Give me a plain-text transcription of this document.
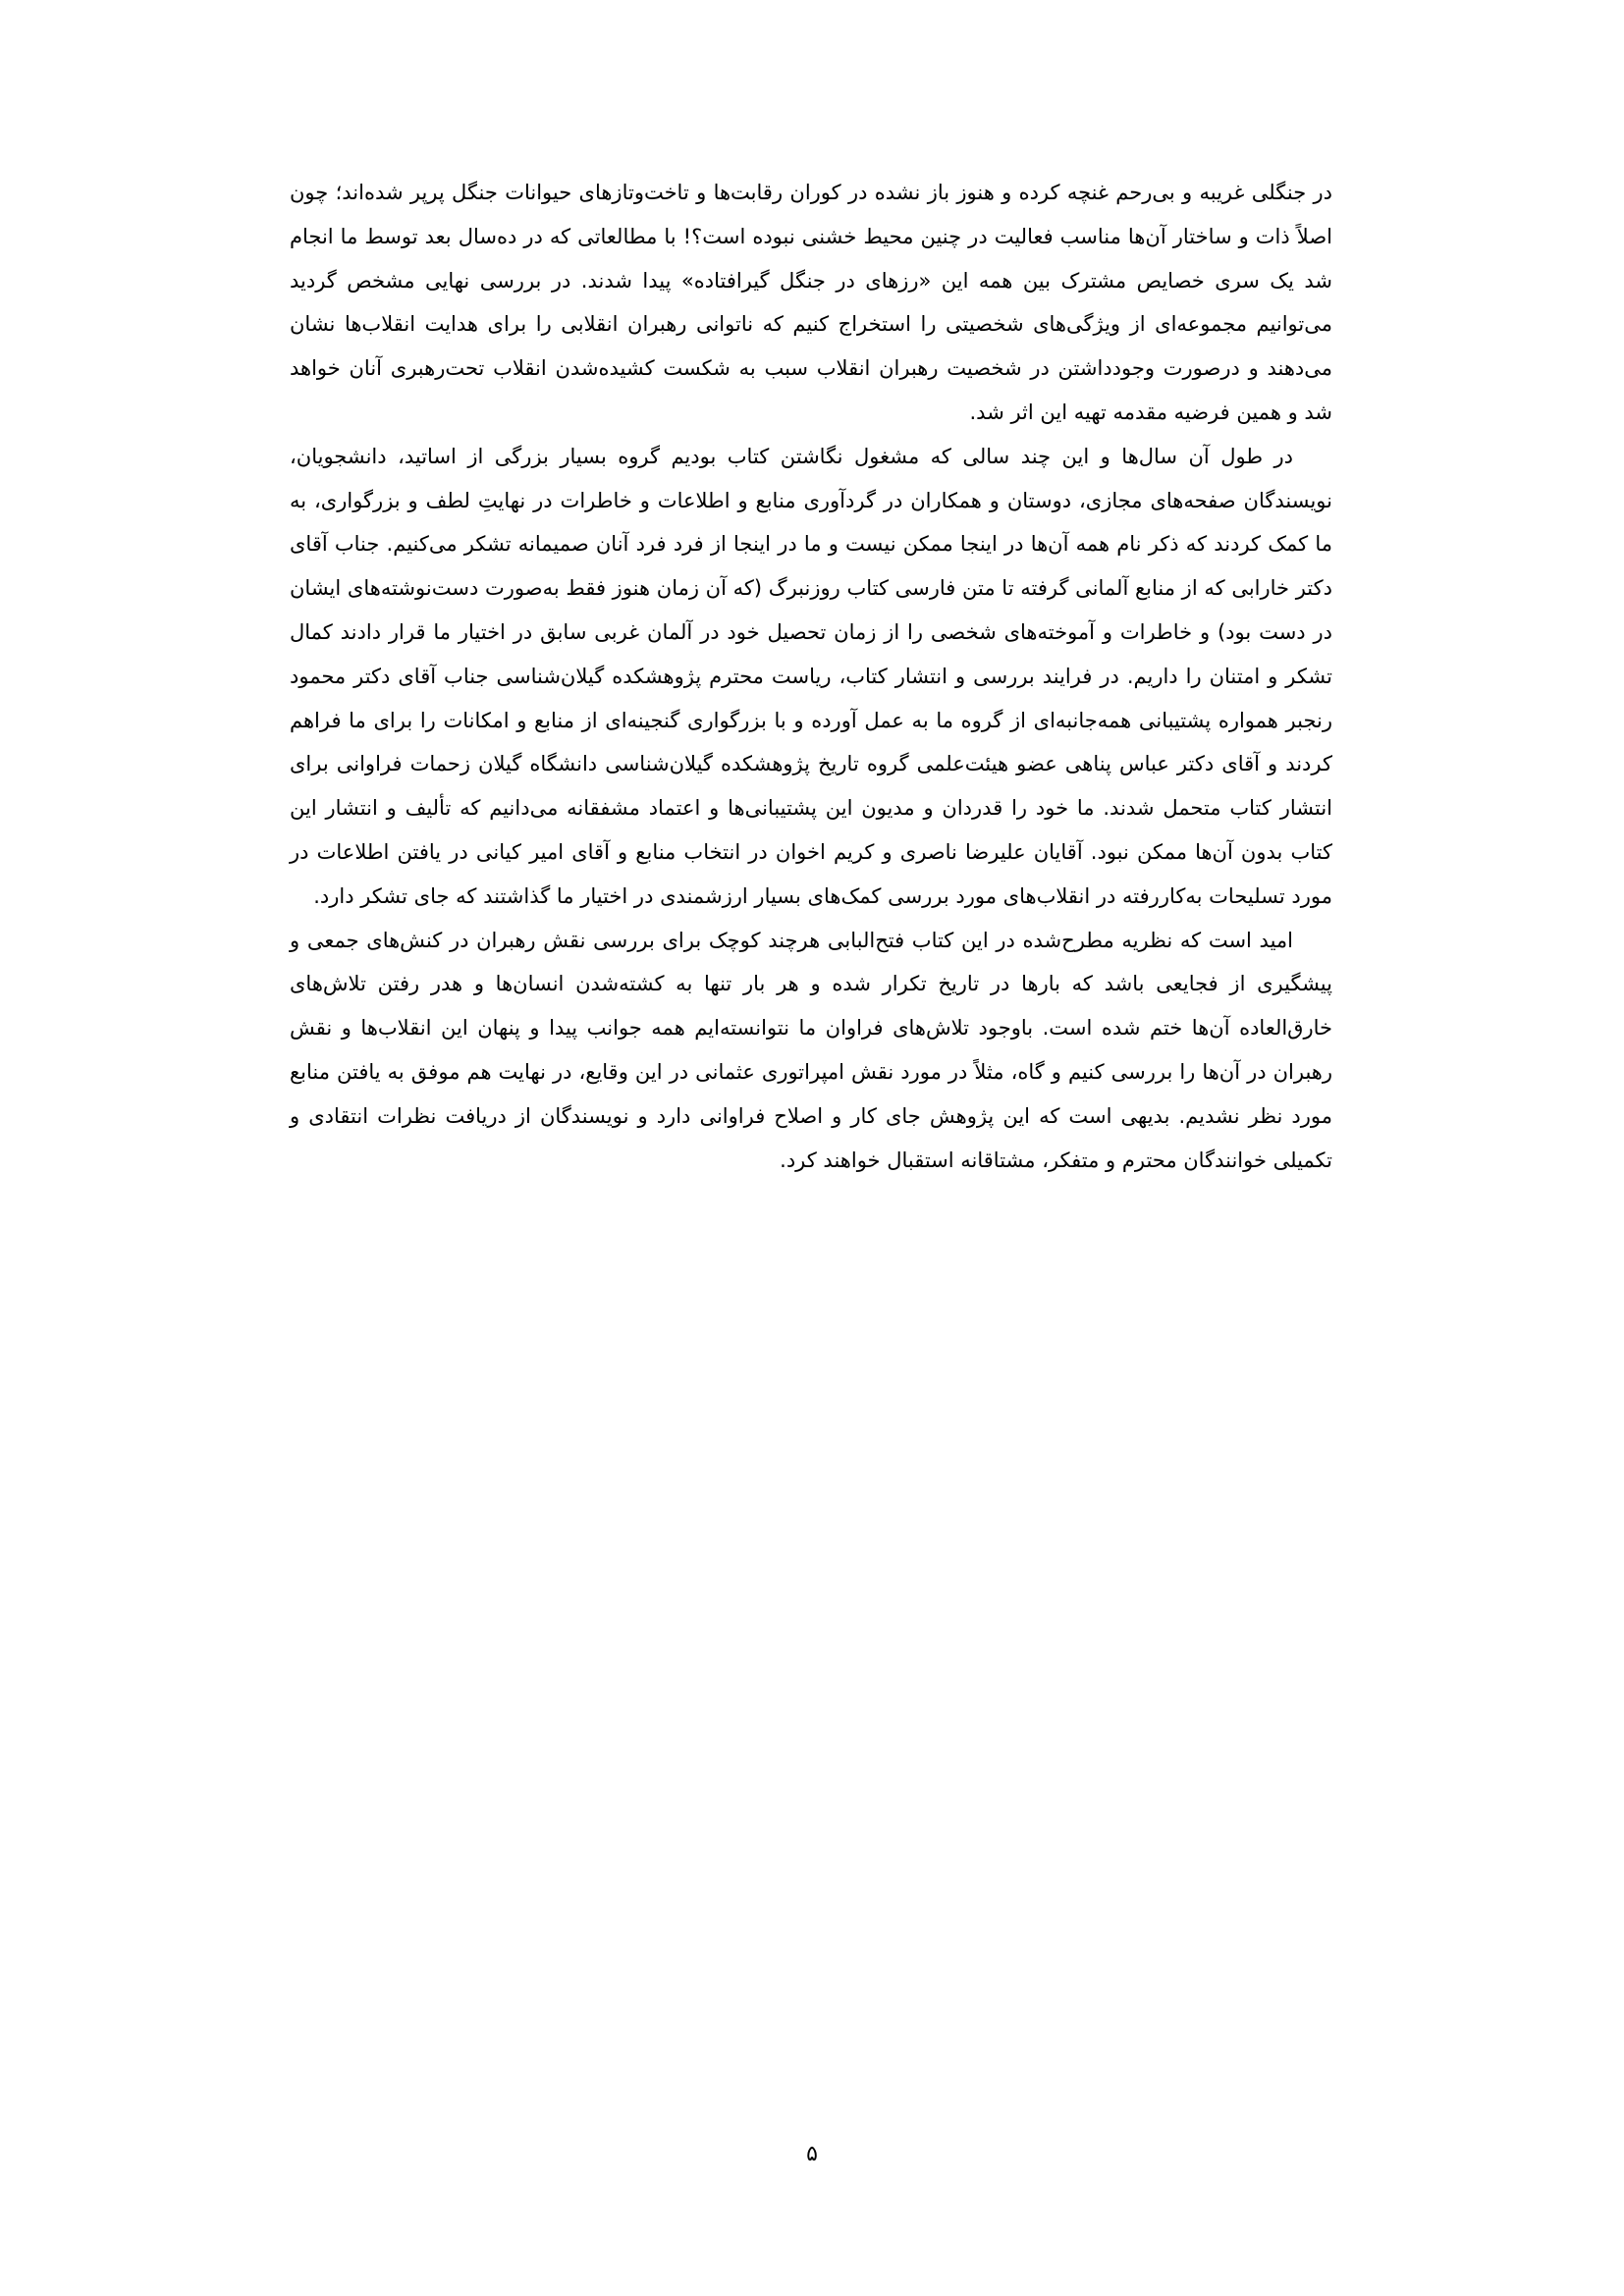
در جنگلی غریبه و بی‌رحم غنچه کرده و هنوز باز نشده در کوران رقابت‌ها و تاخت‌وتازهای حیوانات جنگل پرپر شده‌اند؛ چون اصلاً ذات و ساختار آن‌ها مناسب فعالیت در چنین محیط خشنی نبوده است؟! با مطالعاتی که در ده‌سال بعد توسط ما انجام شد یک سری خصایص مشترک بین همه این «رزهای در جنگل گیرافتاده» پیدا شدند. در بررسی نهایی مشخص گردید می‌توانیم مجموعه‌ای از ویژگی‌های شخصیتی را استخراج کنیم که ناتوانی رهبران انقلابی را برای هدایت انقلاب‌ها نشان می‌دهند و درصورت وجودداشتن در شخصیت رهبران انقلاب سبب به شکست کشیده‌شدن انقلاب تحت‌رهبری آنان خواهد شد و همین فرضیه مقدمه تهیه این اثر شد.

در طول آن سال‌ها و این چند سالی که مشغول نگاشتن کتاب بودیم گروه بسیار بزرگی از اساتید، دانشجویان، نویسندگان صفحه‌های مجازی، دوستان و همکاران در گردآوری منابع و اطلاعات و خاطرات در نهایتِ لطف و بزرگواری، به ما کمک کردند که ذکر نام همه آن‌ها در اینجا ممکن نیست و ما در اینجا از فرد فرد آنان صمیمانه تشکر می‌کنیم. جناب آقای دکتر خارابی که از منابع آلمانی گرفته تا متن فارسی کتاب روزنبرگ (که آن زمان هنوز فقط به‌صورت دست‌نوشته‌های ایشان در دست بود) و خاطرات و آموخته‌های شخصی را از زمان تحصیل خود در آلمان غربی سابق در اختیار ما قرار دادند کمال تشکر و امتنان را داریم. در فرایند بررسی و انتشار کتاب، ریاست محترم پژوهشکده گیلان‌شناسی جناب آقای دکتر محمود رنجبر همواره پشتیبانی همه‌جانبه‌ای از گروه ما به عمل آورده و با بزرگواری گنجینه‌ای از منابع و امکانات را برای ما فراهم کردند و آقای دکتر عباس پناهی عضو هیئت‌علمی گروه تاریخ پژوهشکده گیلان‌شناسی دانشگاه گیلان زحمات فراوانی برای انتشار کتاب متحمل شدند. ما خود را قدردان و مدیون این پشتیبانی‌ها و اعتماد مشفقانه می‌دانیم که تألیف و انتشار این کتاب بدون آن‌ها ممکن نبود. آقایان علیرضا ناصری و کریم اخوان در انتخاب منابع و آقای امیر کیانی در یافتن اطلاعات در مورد تسلیحات به‌کاررفته در انقلاب‌های مورد بررسی کمک‌های بسیار ارزشمندی در اختیار ما گذاشتند که جای تشکر دارد.

امید است که نظریه مطرح‌شده در این کتاب فتح‌البابی هرچند کوچک برای بررسی نقش رهبران در کنش‌های جمعی و پیشگیری از فجایعی باشد که بارها در تاریخ تکرار شده و هر بار تنها به کشته‌شدن انسان‌ها و هدر رفتن تلاش‌های خارق‌العاده آن‌ها ختم شده است. باوجود تلاش‌های فراوان ما نتوانسته‌ایم همه جوانب پیدا و پنهان این انقلاب‌ها و نقش رهبران در آن‌ها را بررسی کنیم و گاه، مثلاً در مورد نقش امپراتوری عثمانی در این وقایع، در نهایت هم موفق به یافتن منابع مورد نظر نشدیم. بدیهی است که این پژوهش جای کار و اصلاح فراوانی دارد و نویسندگان از دریافت نظرات انتقادی و تکمیلی خوانندگان محترم و متفکر، مشتاقانه استقبال خواهند کرد.

۵
